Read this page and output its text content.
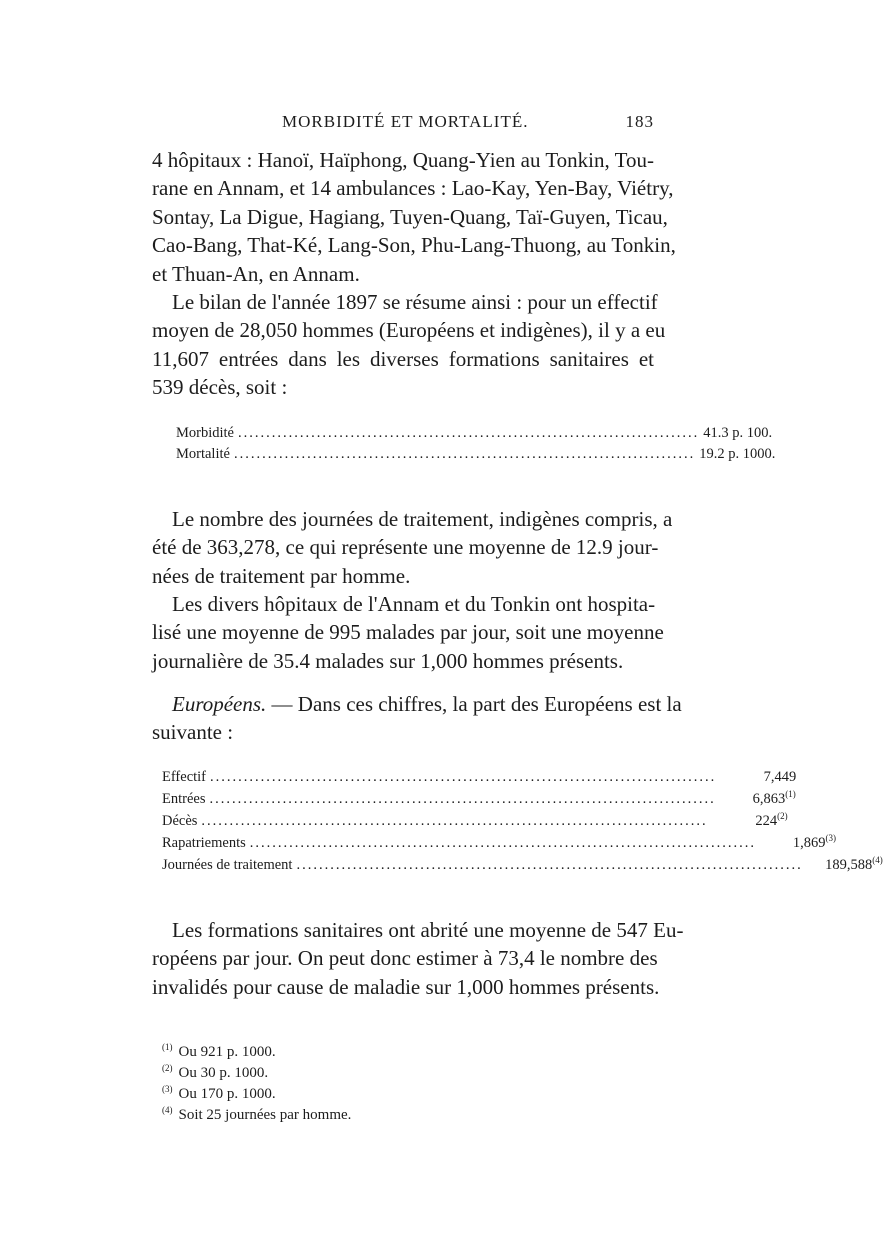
MORBIDITÉ ET MORTALITÉ.	183
4 hôpitaux : Hanoï, Haïphong, Quang-Yien au Tonkin, Tou-
rane en Annam, et 14 ambulances : Lao-Kay, Yen-Bay, Viétry,
Sontay, La Digue, Hagiang, Tuyen-Quang, Taï-Guyen, Ticau,
Cao-Bang, That-Ké, Lang-Son, Phu-Lang-Thuong, au Tonkin,
et Thuan-An, en Annam.
Le bilan de l'année 1897 se résume ainsi : pour un effectif
moyen de 28,050 hommes (Européens et indigènes), il y a eu
11,607 entrées dans les diverses formations sanitaires et
539 décès, soit :
Morbidité .................................................................................. 41.3 p. 100.
Mortalité .................................................................................. 19.2 p. 1000.
Le nombre des journées de traitement, indigènes compris, a
été de 363,278, ce qui représente une moyenne de 12.9 jour-
nées de traitement par homme.
Les divers hôpitaux de l'Annam et du Tonkin ont hospita-
lisé une moyenne de 995 malades par jour, soit une moyenne
journalière de 35.4 malades sur 1,000 hommes présents.
Européens. — Dans ces chiffres, la part des Européens est la
suivante :
Effectif ..........................................................................................	7,449
Entrées ..........................................................................................	6,863$^{(1)}$
Décès ..........................................................................................	224$^{(2)}$
Rapatriements ..........................................................................................	1,869$^{(3)}$
Journées de traitement ..........................................................................................	189,588$^{(4)}$
Les formations sanitaires ont abrité une moyenne de 547 Eu-
ropéens par jour. On peut donc estimer à 73,4 le nombre des
invalidés pour cause de maladie sur 1,000 hommes présents.
$^{(1)}$ Ou 921 p. 1000.
$^{(2)}$ Ou 30 p. 1000.
$^{(3)}$ Ou 170 p. 1000.
$^{(4)}$ Soit 25 journées par homme.
